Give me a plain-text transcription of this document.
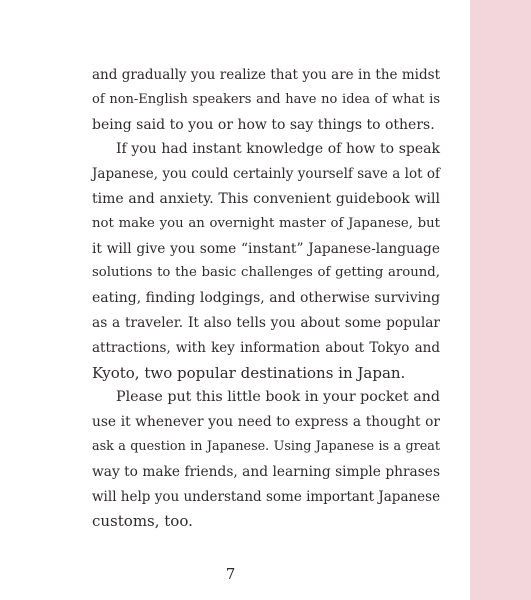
and gradually you realize that you are in the midst
of non-English speakers and have no idea of what is
being said to you or how to say things to others.

If you had instant knowledge of how to speak
Japanese, you could certainly yourself save a lot of
time and anxiety. This convenient guidebook will
not make you an overnight master of Japanese, but
it will give you some “instant” Japanese-language
solutions to the basic challenges of getting around,
eating, finding lodgings, and otherwise surviving
as a traveler. It also tells you about some popular
attractions, with key information about Tokyo and
Kyoto, two popular destinations in Japan.

Please put this little book in your pocket and
use it whenever you need to express a thought or
ask a question in Japanese. Using Japanese is a great
way to make friends, and learning simple phrases
will help you understand some important Japanese
customs, too.

7
